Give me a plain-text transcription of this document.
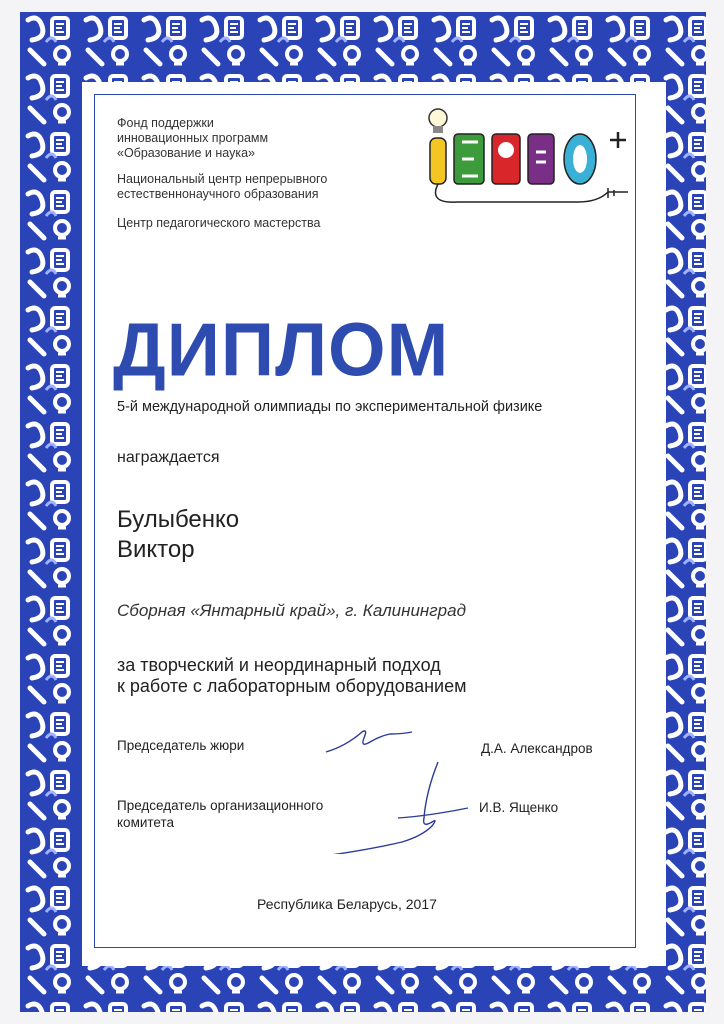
Фонд поддержки
инновационных программ
«Образование и наука»
Национальный центр непрерывного
естественнонаучного образования
Центр педагогического мастерства
ДИПЛОМ
5-й международной олимпиады по экспериментальной физике
награждается
Булыбенко
Виктор
Сборная «Янтарный край», г. Калининград
за творческий и неординарный подход
к работе с лабораторным оборудованием
Председатель жюри	Д.А. Александров
Председатель организационного
комитета
И.В. Ященко
Республика Беларусь, 2017
